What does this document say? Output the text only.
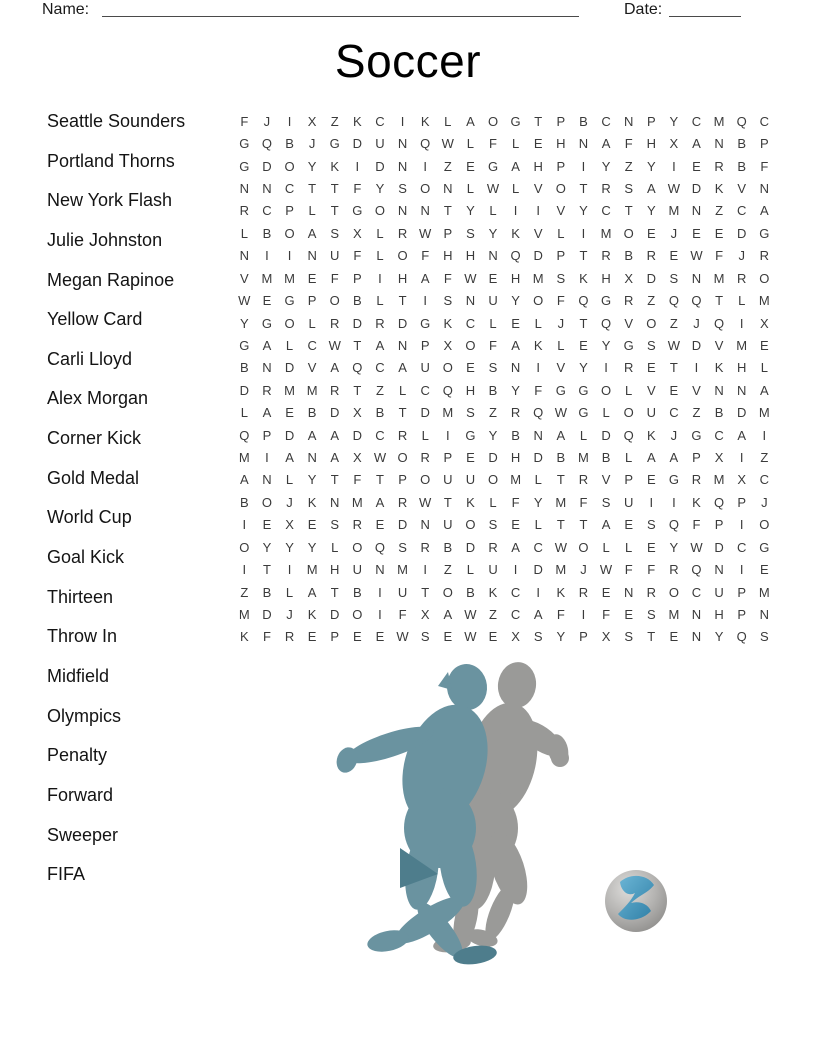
Name:	Date:
Soccer
Seattle Sounders
Portland Thorns
New York Flash
Julie Johnston
Megan Rapinoe
Yellow Card
Carli Lloyd
Alex Morgan
Corner Kick
Gold Medal
World Cup
Goal Kick
Thirteen
Throw In
Midfield
Olympics
Penalty
Forward
Sweeper
FIFA
F	J	I	X	Z	K	C	I	K	L	A	O G	T	P	B	C	N	P	Y	C M Q C
G Q	B	J	G D	U	N Q W L	F	L	E	H	N	A	F	H	X	A	N	B	P
G D O	Y	K	I	D	N	I	Z	E	G	A	H	P	I	Y	Z	Y	I	E	R	B	F
N	N	C	T	T	F	Y	S	O N	L W L	V	O	T	R	S	A W D	K	V	N
R	C	P	L	T	G O N	N	T	Y	L	I	I	V	Y	C	T	Y M N	Z	C	A
L	B	O	A	S	X	L	R W P	S	Y	K	V	L	I	M O	E	J	E	E	D G
N	I	I	N	U	F	L	O	F	H	H	N Q D	P	T	R	B	R	E W F	J	R
V M M E	F	P	I	H	A	F W E	H M S	K	H	X	D	S	N M R O
W E	G	P	O	B	L	T	I	S	N	U	Y	O	F	Q G R	Z	Q Q	T	L	M
Y	G O	L	R	D	R	D G	K	C	L	E	L	J	T	Q	V	O	Z	J	Q	I	X
G	A	L	C W T	A	N	P	X	O	F	A	K	L	E	Y	G	S W D	V M E
B	N	D	V	A	Q C	A	U O	E	S	N	I	V	Y	I	R	E	T	I	K	H	L
D	R M M R	T	Z	L	C Q H	B	Y	F	G G O	L	V	E	V	N	N	A
L	A	E	B	D	X	B	T	D M S	Z	R Q W G	L	O U	C	Z	B	D M
Q	P	D	A	A	D	C	R	L	I	G	Y	B	N	A	L	D Q	K	J	G C	A	I
M	I	A	N	A	X W O R	P	E	D	H	D	B M B	L	A	A	P	X	I	Z
A	N	L	Y	T	F	T	P	O U	U O M	L	T	R	V	P	E	G R M X	C
B	O	J	K	N M A	R W T	K	L	F	Y M	F	S	U	I	I	K	Q	P	J
I	E	X	E	S	R	E	D	N	U O	S	E	L	T	T	A	E	S	Q	F	P	I	O
O	Y	Y	Y	L	O Q	S	R	B	D	R	A	C W O	L	L	E	Y W D	C G
I	T	I	M H	U	N M	I	Z	L	U	I	D M	J	W F	F	R Q N	I	E
Z	B	L	A	T	B	I	U	T	O	B	K	C	I	K	R	E	N	R O C	U	P M
M D	J	K	D O	I	F	X	A W Z	C	A	F	I	F	E	S M N	H	P	N
K	F	R	E	P	E	E W S	E W E	X	S	Y	P	X	S	T	E	N	Y	Q	S
